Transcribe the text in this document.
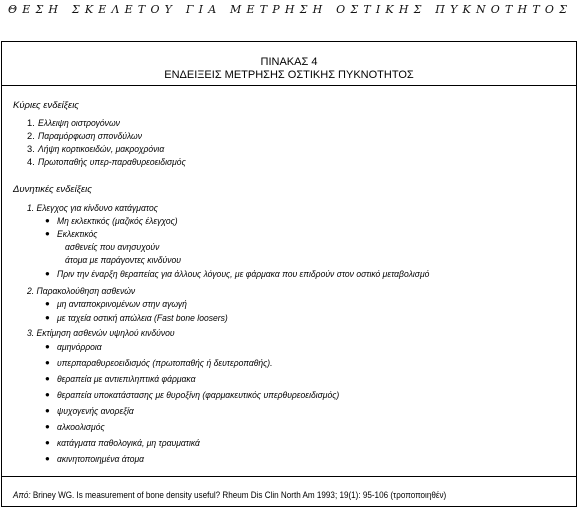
ΘΕΣΗ ΣΚΕΛΕΤΟΥ ΓΙΑ ΜΕΤΡΗΣΗ ΟΣΤΙΚΗΣ ΠΥΚΝΟΤΗΤΟΣ
ΠΙΝΑΚΑΣ 4
ΕΝΔΕΙΞΕΙΣ ΜΕΤΡΗΣΗΣ ΟΣΤΙΚΗΣ ΠΥΚΝΟΤΗΤΟΣ
Κύριες ενδείξεις
1. Ελλειψη οιστρογόνων
2. Παραμόρφωση σπονδύλων
3. Λήψη κορτικοειδών, μακροχρόνια
4. Πρωτοπαθής υπερ-παραθυρεοειδισμός
Δυνητικές ενδείξεις
1. Ελεγχος για κίνδυνο κατάγματος
● Μη εκλεκτικός (μαζικός έλεγχος)
● Εκλεκτικός
ασθενείς που ανησυχούν
άτομα με παράγοντες κινδύνου
● Πριν την έναρξη θεραπείας για άλλους λόγους, με φάρμακα που επιδρούν στον οστικό μεταβολισμό
2. Παρακολούθηση ασθενών
● μη ανταποκρινομένων στην αγωγή
● με ταχεία οστική απώλεια (Fast bone loosers)
3. Εκτίμηση ασθενών υψηλού κινδύνου
● αμηνόρροια
● υπερπαραθυρεοειδισμός (πρωτοπαθής ή δευτεροπαθής).
● θεραπεία με αντιεπιληπτικά φάρμακα
● θεραπεία υποκατάστασης με θυροξίνη (φαρμακευτικός υπερθυρεοειδισμός)
● ψυχογενής ανορεξία
● αλκοολισμός
● κατάγματα παθολογικά, μη τραυματικά
● ακινητοποιημένα άτομα
Από: Briney WG. Is measurement of bone density useful? Rheum Dis Clin North Am 1993; 19(1): 95-106 (τροποποιηθέν)
